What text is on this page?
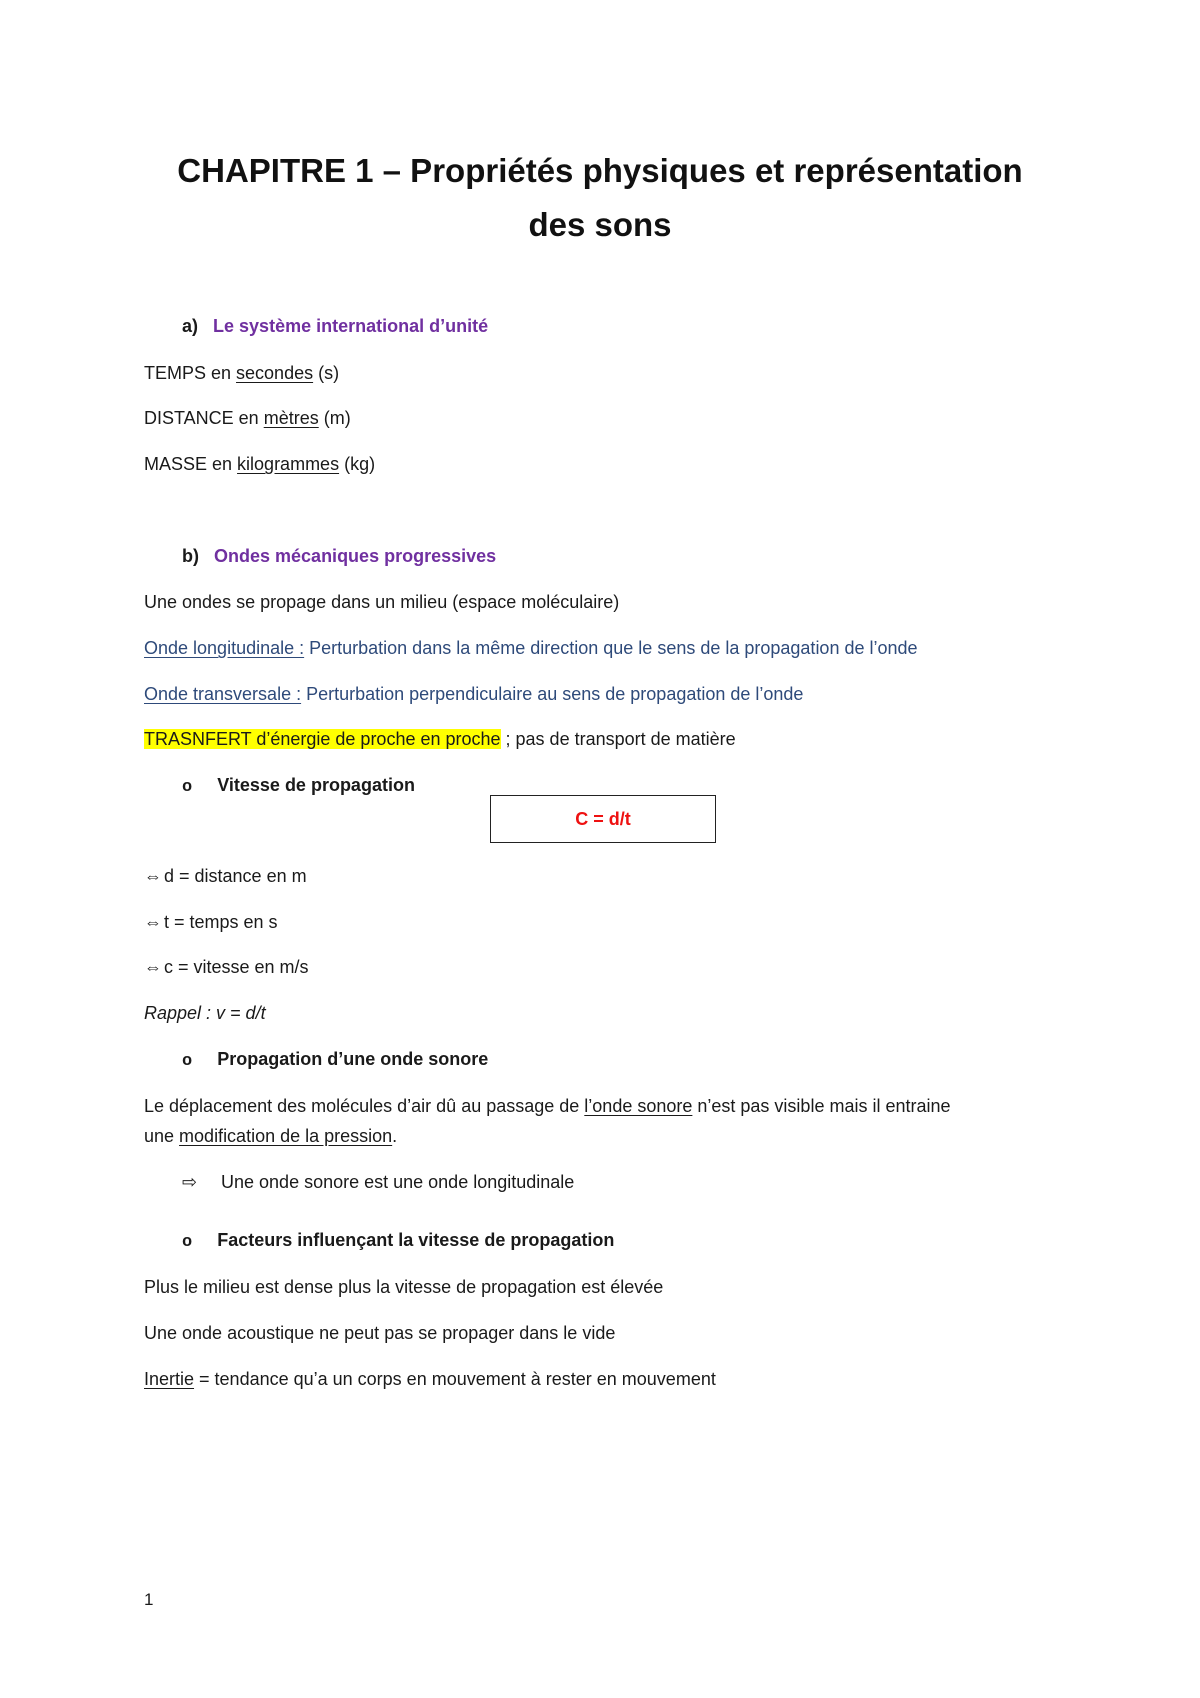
CHAPITRE 1 – Propriétés physiques et représentation
des sons
a) Le système international d’unité
TEMPS en secondes (s)
DISTANCE en mètres (m)
MASSE en kilogrammes (kg)
b) Ondes mécaniques progressives
Une ondes se propage dans un milieu (espace moléculaire)
Onde longitudinale : Perturbation dans la même direction que le sens de la propagation de l’onde
Onde transversale : Perturbation perpendiculaire au sens de propagation de l’onde
TRASNFERT d’énergie de proche en proche ; pas de transport de matière
o Vitesse de propagation
C = d/t
⇔ d = distance en m
⇔ t = temps en s
⇔ c = vitesse en m/s
Rappel : v = d/t
o Propagation d’une onde sonore
Le déplacement des molécules d’air dû au passage de l’onde sonore n’est pas visible mais il entraine
une modification de la pression.
⇨ Une onde sonore est une onde longitudinale
o Facteurs influençant la vitesse de propagation
Plus le milieu est dense plus la vitesse de propagation est élevée
Une onde acoustique ne peut pas se propager dans le vide
Inertie = tendance qu’a un corps en mouvement à rester en mouvement
1
